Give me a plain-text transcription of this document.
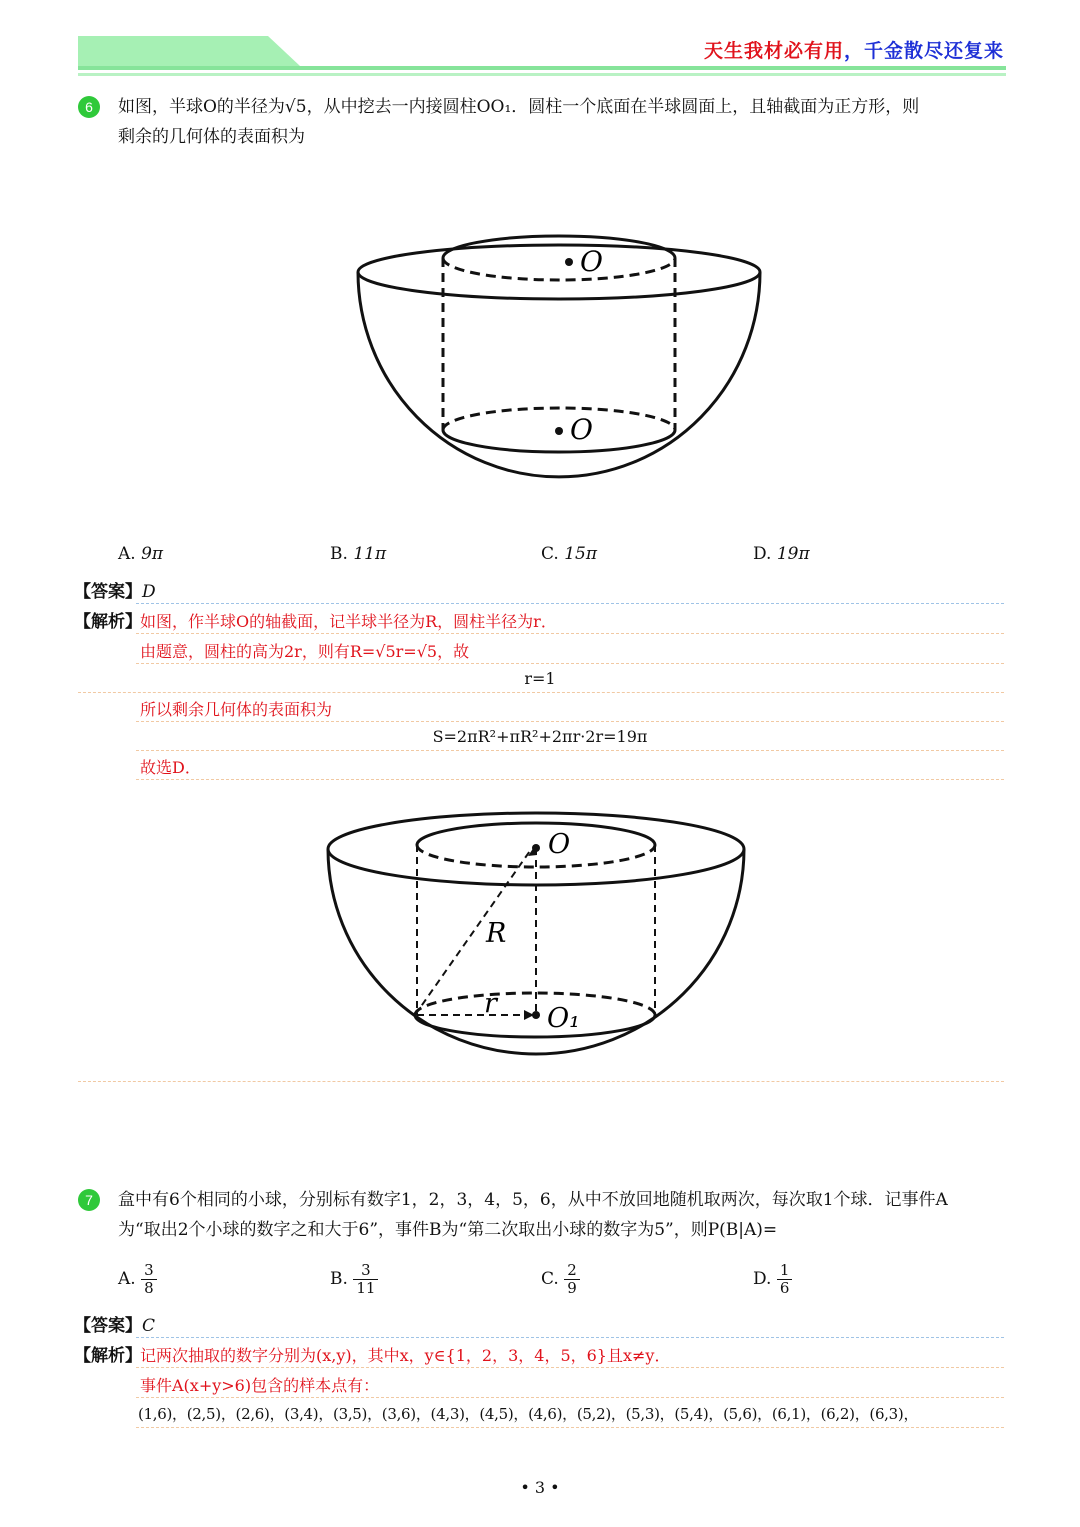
天生我材必有用，千金散尽还复来
6	如图，半球O的半径为√5，从中挖去一内接圆柱OO₁．圆柱一个底面在半球圆面上，且轴截面为正方形，则
剩余的几何体的表面积为
O
O
A. 9π	B. 11π	C. 15π	D. 19π
【答案】D
【解析】
如图，作半球O的轴截面，记半球半径为R，圆柱半径为r．
由题意，圆柱的高为2r，则有R=√5r=√5，故
r=1
所以剩余几何体的表面积为
S=2πR²+πR²+2πr·2r=19π
故选D．
O
R
r O₁
7	盒中有6个相同的小球，分别标有数字1，2，3，4，5，6，从中不放回地随机取两次，每次取1个球．记事件A
为“取出2个小球的数字之和大于6”，事件B为“第二次取出小球的数字为5”，则P(B|A)=
A. $\frac{3}{8}$	B. $\frac{3}{11}$	C. $\frac{2}{9}$	D. $\frac{1}{6}$
【答案】C
【解析】
记两次抽取的数字分别为(x,y)，其中x，y∈{1，2，3，4，5，6}且x≠y．
事件A(x+y>6)包含的样本点有：
(1,6)，(2,5)，(2,6)，(3,4)，(3,5)，(3,6)，(4,3)，(4,5)，(4,6)，(5,2)，(5,3)，(5,4)，(5,6)，(6,1)，(6,2)，(6,3)，
• 3 •
